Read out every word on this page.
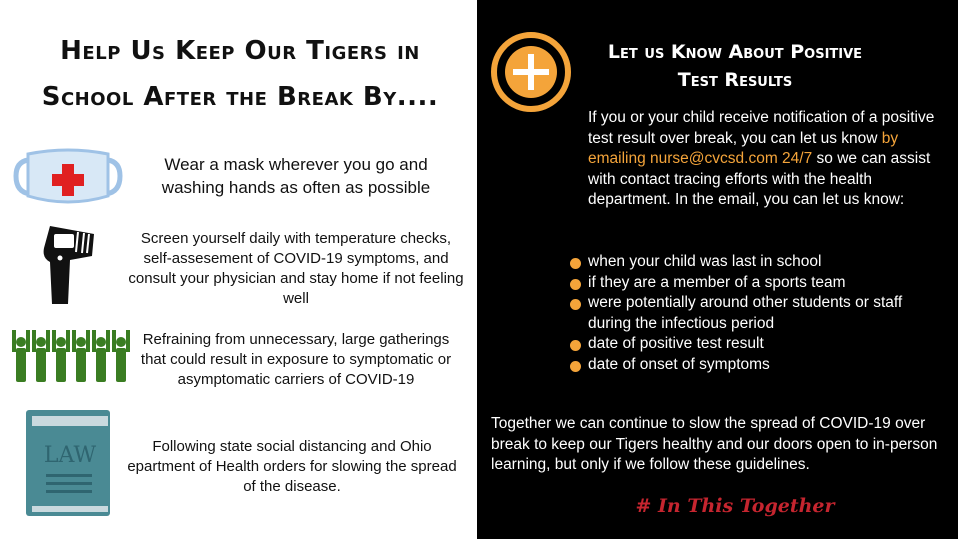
Help Us Keep Our Tigers in
School After the Break By....
LAW
Wear a mask wherever you go and washing hands as often as possible
Screen yourself daily with temperature checks, self-assesement of COVID-19 symptoms, and consult your physician and stay home if not feeling well
Refraining from unnecessary, large gatherings that could result in exposure to symptomatic or asymptomatic carriers of COVID-19
Following state social distancing and Ohio epartment of Health orders for slowing the spread of the disease.
Let us Know About Positive
Test Results
If you or your child receive notification of a positive test result over break, you can let us know by emailing nurse@cvcsd.com 24/7 so we can assist with contact tracing efforts with the health department. In the email, you can let us know:
when your child was last in school
if they are a member of a sports team
were potentially around other students or staff during the infectious period
date of positive test result
date of onset of symptoms
Together we can continue to slow the spread of COVID-19 over break to keep our Tigers healthy and our doors open to in-person learning, but only if we follow these guidelines.
# In This Together
